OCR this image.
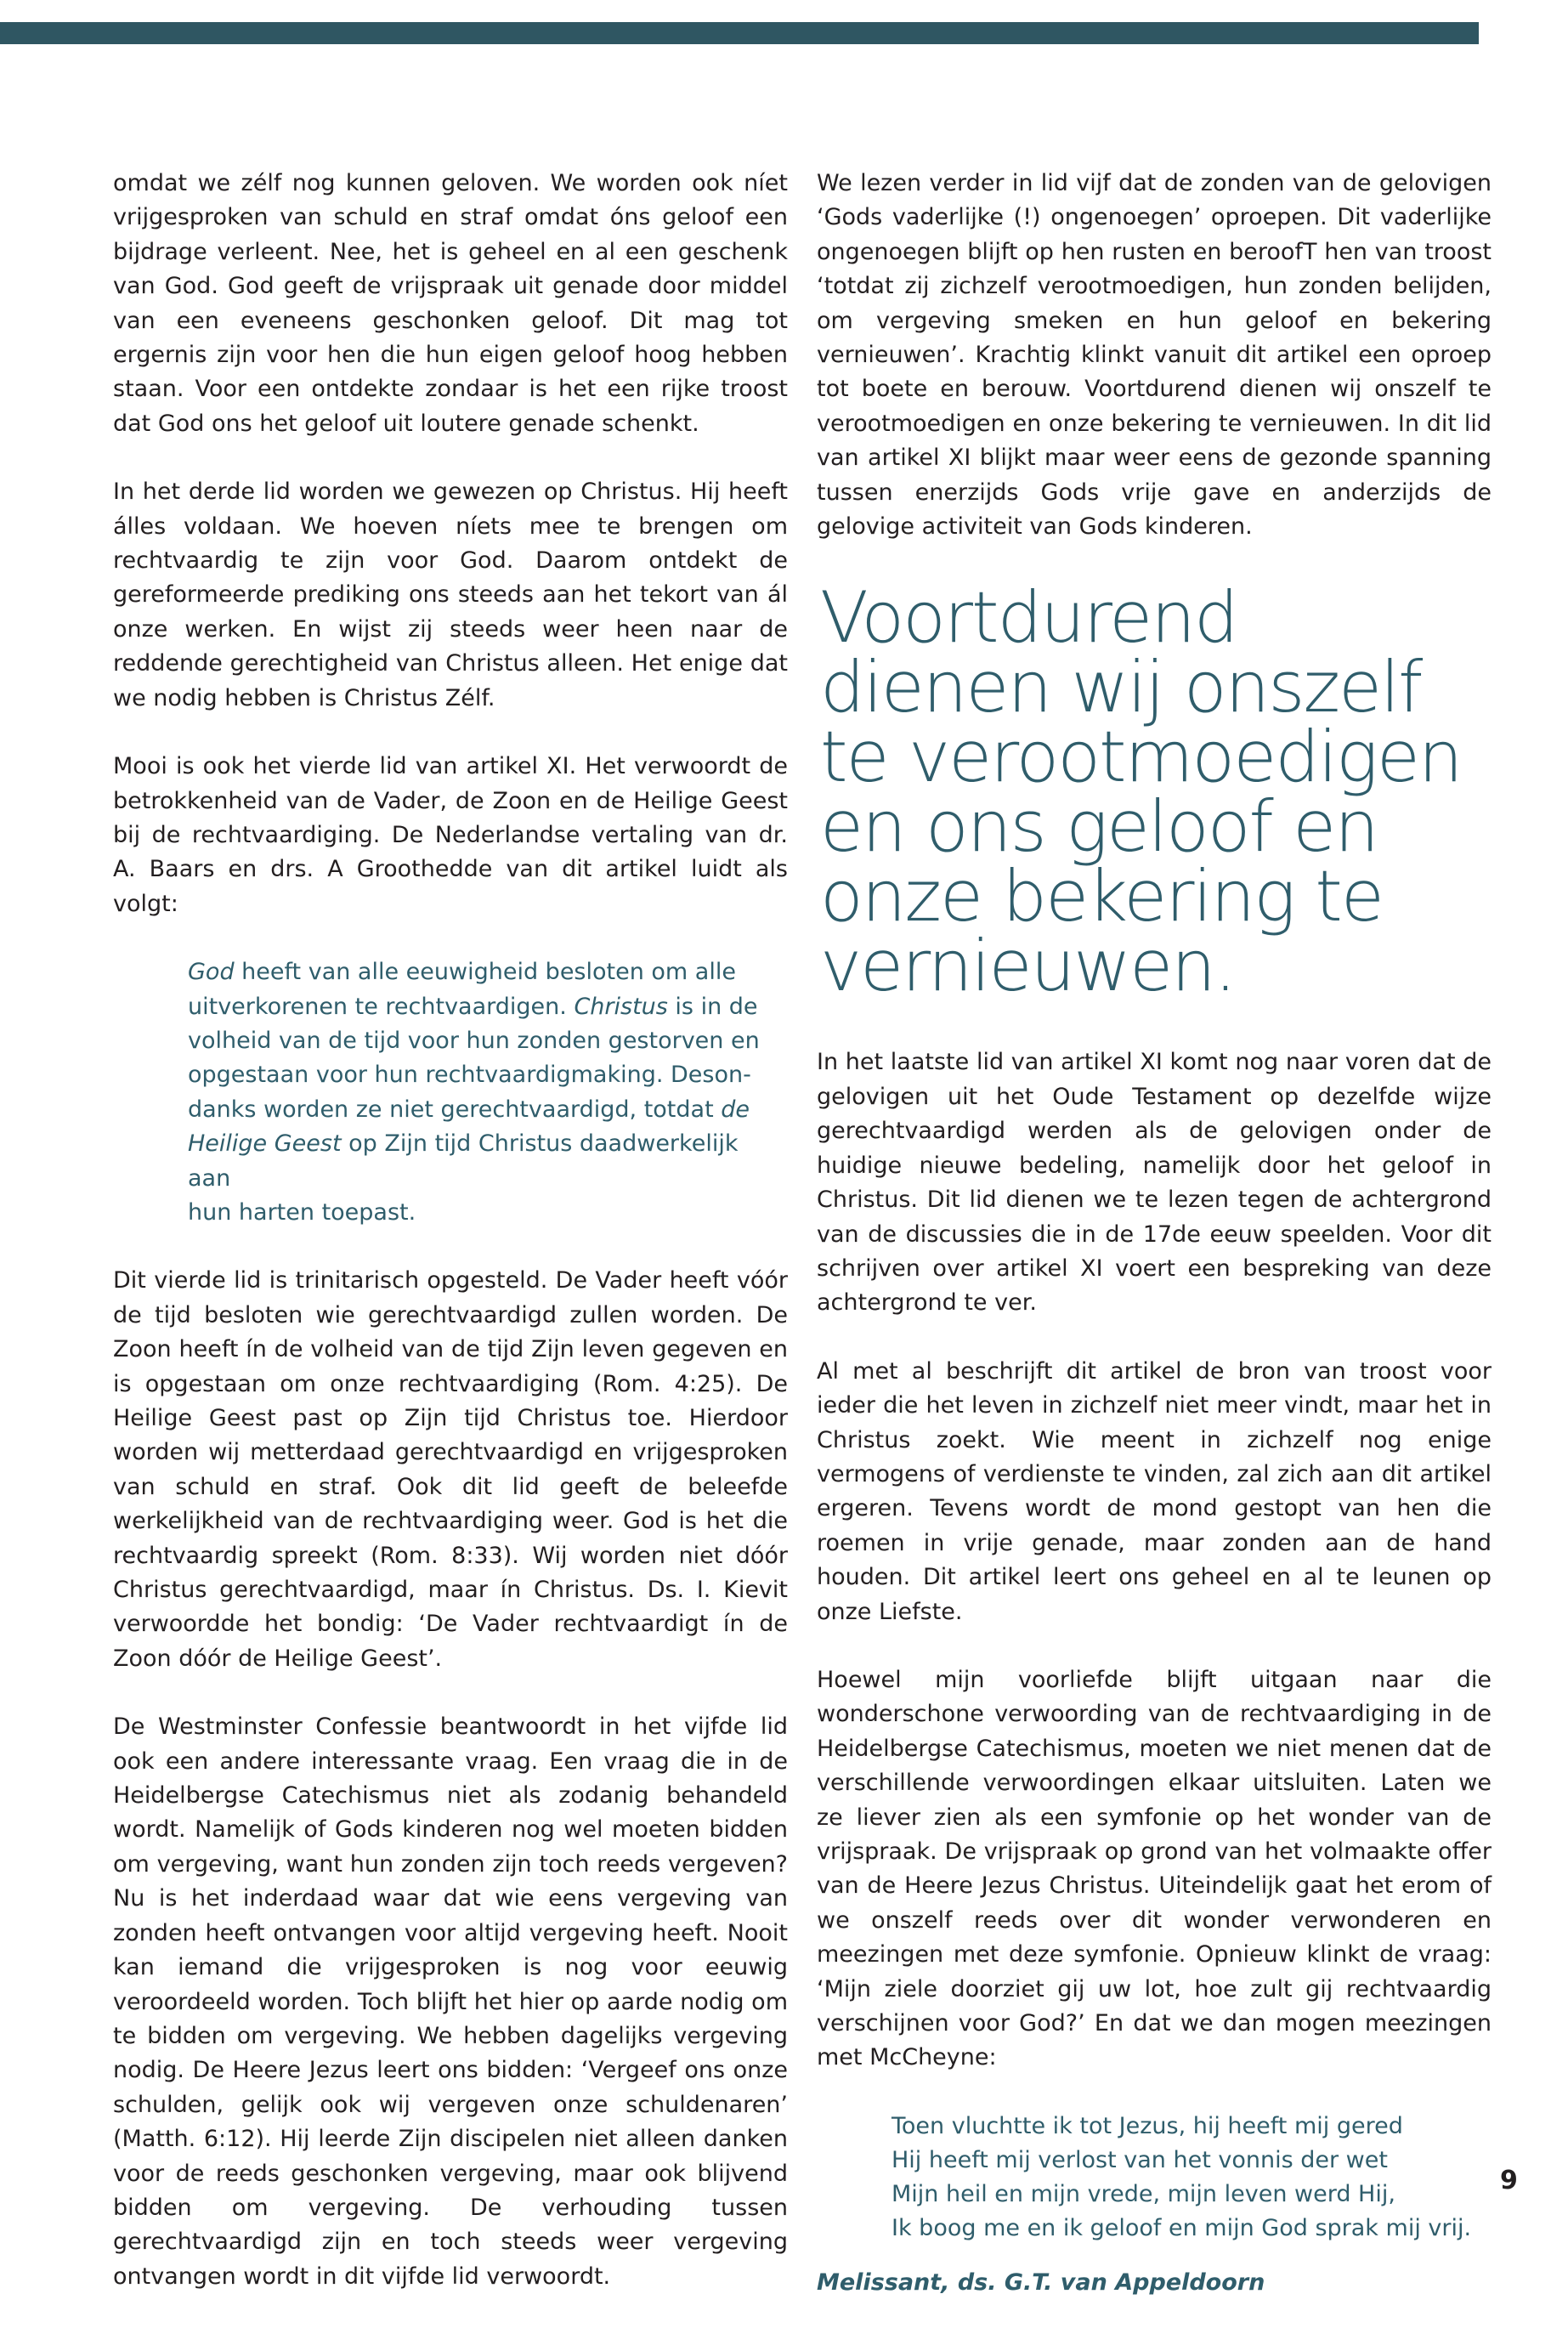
omdat we zélf nog kunnen geloven. We worden ook níet vrijgesproken van schuld en straf omdat óns geloof een bijdrage verleent. Nee, het is geheel en al een geschenk van God. God geeft de vrijspraak uit genade door middel van een eveneens geschonken geloof. Dit mag tot ergernis zijn voor hen die hun eigen geloof hoog hebben staan. Voor een ontdekte zondaar is het een rijke troost dat God ons het geloof uit loutere genade schenkt.

In het derde lid worden we gewezen op Christus. Hij heeft álles voldaan. We hoeven níets mee te brengen om rechtvaardig te zijn voor God. Daarom ontdekt de gereformeerde prediking ons steeds aan het tekort van ál onze werken. En wijst zij steeds weer heen naar de reddende gerechtigheid van Christus alleen. Het enige dat we nodig hebben is Christus Zélf.

Mooi is ook het vierde lid van artikel XI. Het verwoordt de betrokkenheid van de Vader, de Zoon en de Heilige Geest bij de rechtvaardiging. De Nederlandse vertaling van dr. A. Baars en drs. A Groothedde van dit artikel luidt als volgt:

God heeft van alle eeuwigheid besloten om alle
uitverkorenen te rechtvaardigen. Christus is in de
volheid van de tijd voor hun zonden gestorven en
opgestaan voor hun rechtvaardigmaking. Deson-
danks worden ze niet gerechtvaardigd, totdat de
Heilige Geest op Zijn tijd Christus daadwerkelijk aan
hun harten toepast.

Dit vierde lid is trinitarisch opgesteld. De Vader heeft vóór de tijd besloten wie gerechtvaardigd zullen worden. De Zoon heeft ín de volheid van de tijd Zijn leven gegeven en is opgestaan om onze rechtvaardiging (Rom. 4:25). De Heilige Geest past op Zijn tijd Christus toe. Hierdoor worden wij metterdaad gerechtvaardigd en vrijgesproken van schuld en straf. Ook dit lid geeft de beleefde werkelijkheid van de rechtvaardiging weer. God is het die rechtvaardig spreekt (Rom. 8:33). Wij worden niet dóór Christus gerechtvaardigd, maar ín Christus. Ds. I. Kievit verwoordde het bondig: ‘De Vader rechtvaardigt ín de Zoon dóór de Heilige Geest’.

De Westminster Confessie beantwoordt in het vijfde lid ook een andere interessante vraag. Een vraag die in de Heidelbergse Catechismus niet als zodanig behandeld wordt. Namelijk of Gods kinderen nog wel moeten bidden om vergeving, want hun zonden zijn toch reeds vergeven? Nu is het inderdaad waar dat wie eens vergeving van zonden heeft ontvangen voor altijd vergeving heeft. Nooit kan iemand die vrijgesproken is nog voor eeuwig veroordeeld worden. Toch blijft het hier op aarde nodig om te bidden om vergeving. We hebben dagelijks vergeving nodig. De Heere Jezus leert ons bidden: ‘Vergeef ons onze schulden, gelijk ook wij vergeven onze schuldenaren’ (Matth. 6:12). Hij leerde Zijn discipelen niet alleen danken voor de reeds geschonken vergeving, maar ook blijvend bidden om vergeving. De verhouding tussen gerechtvaardigd zijn en toch steeds weer vergeving ontvangen wordt in dit vijfde lid verwoordt.

We lezen verder in lid vijf dat de zonden van de gelovigen ‘Gods vaderlijke (!) ongenoegen’ oproepen. Dit vaderlijke ongenoegen blijft op hen rusten en beroofT hen van troost ‘totdat zij zichzelf verootmoedigen, hun zonden belijden, om vergeving smeken en hun geloof en bekering vernieuwen’. Krachtig klinkt vanuit dit artikel een oproep tot boete en berouw. Voortdurend dienen wij onszelf te verootmoedigen en onze bekering te vernieuwen. In dit lid van artikel XI blijkt maar weer eens de gezonde spanning tussen enerzijds Gods vrije gave en anderzijds de gelovige activiteit van Gods kinderen.

Voortdurend
dienen wij onszelf
te verootmoedigen
en ons geloof en
onze bekering te
vernieuwen.

In het laatste lid van artikel XI komt nog naar voren dat de gelovigen uit het Oude Testament op dezelfde wijze gerechtvaardigd werden als de gelovigen onder de huidige nieuwe bedeling, namelijk door het geloof in Christus. Dit lid dienen we te lezen tegen de achtergrond van de discussies die in de 17de eeuw speelden. Voor dit schrijven over artikel XI voert een bespreking van deze achtergrond te ver.

Al met al beschrijft dit artikel de bron van troost voor ieder die het leven in zichzelf niet meer vindt, maar het in Christus zoekt. Wie meent in zichzelf nog enige vermogens of verdienste te vinden, zal zich aan dit artikel ergeren. Tevens wordt de mond gestopt van hen die roemen in vrije genade, maar zonden aan de hand houden. Dit artikel leert ons geheel en al te leunen op onze Liefste.

Hoewel mijn voorliefde blijft uitgaan naar die wonderschone verwoording van de rechtvaardiging in de Heidelbergse Catechismus, moeten we niet menen dat de verschillende verwoordingen elkaar uitsluiten. Laten we ze liever zien als een symfonie op het wonder van de vrijspraak. De vrijspraak op grond van het volmaakte offer van de Heere Jezus Christus. Uiteindelijk gaat het erom of we onszelf reeds over dit wonder verwonderen en meezingen met deze symfonie. Opnieuw klinkt de vraag: ‘Mijn ziele doorziet gij uw lot, hoe zult gij rechtvaardig verschijnen voor God?’ En dat we dan mogen meezingen met McCheyne:

Toen vluchtte ik tot Jezus, hij heeft mij gered
Hij heeft mij verlost van het vonnis der wet
Mijn heil en mijn vrede, mijn leven werd Hij,
Ik boog me en ik geloof en mijn God sprak mij vrij.

Melissant, ds. G.T. van Appeldoorn

9
